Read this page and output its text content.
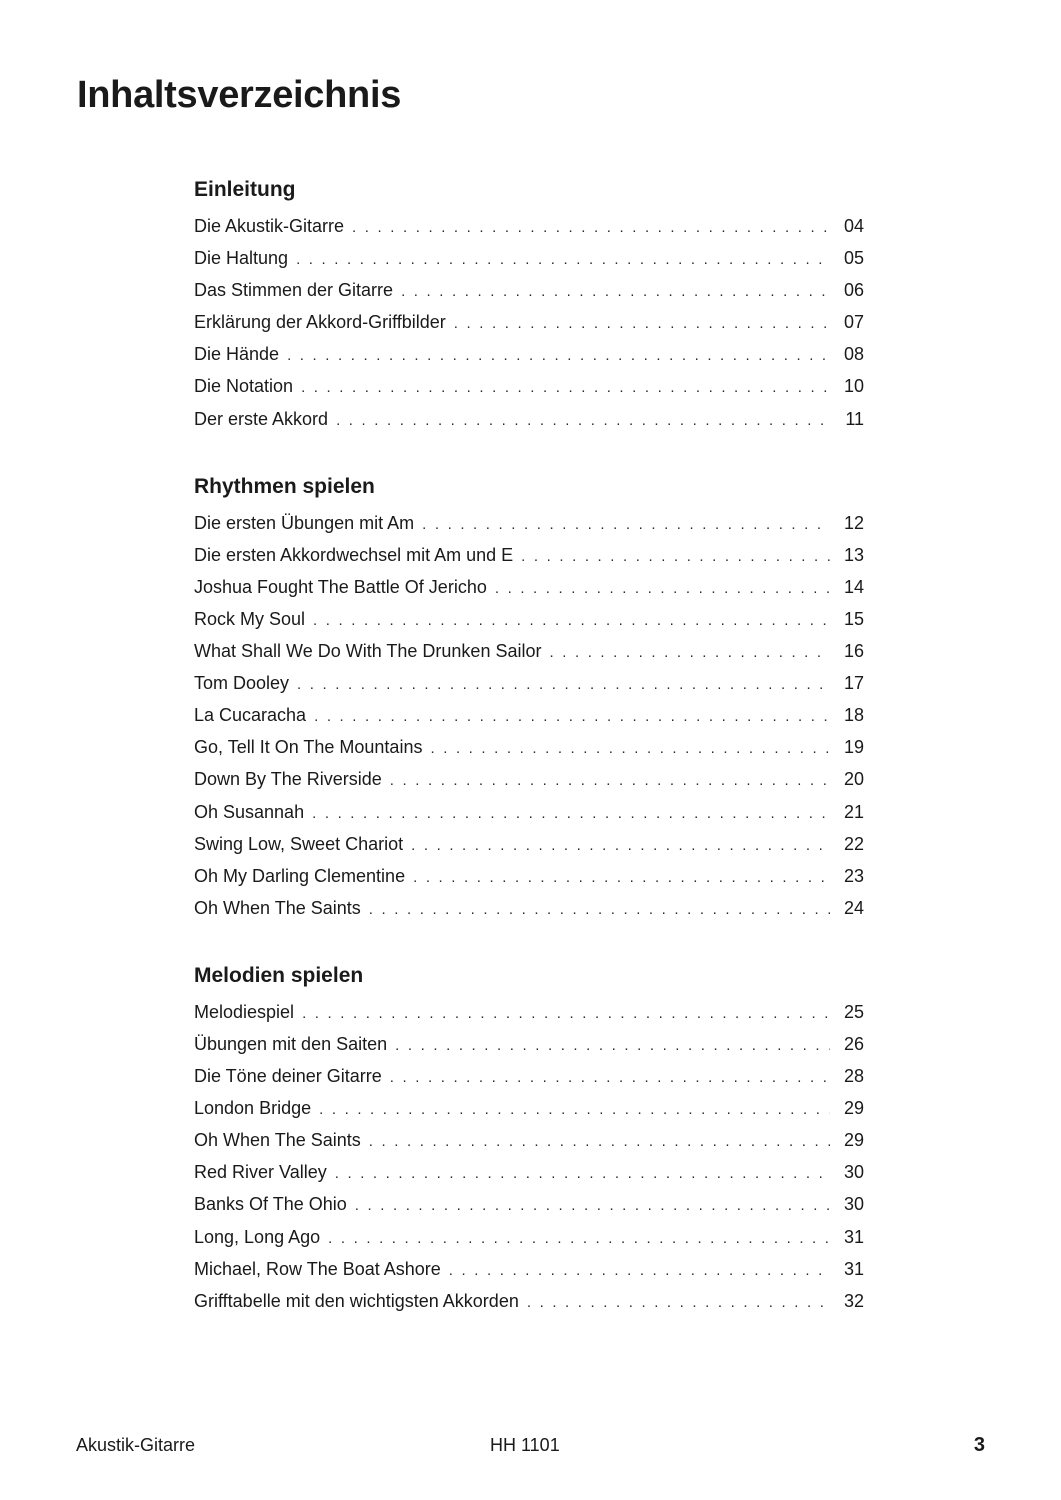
Inhaltsverzeichnis
Einleitung
Die Akustik-Gitarre . . .	04
Die Haltung . . .	05
Das Stimmen der Gitarre . . .	06
Erklärung der Akkord-Griffbilder . . .	07
Die Hände . . .	08
Die Notation . . .	10
Der erste Akkord . . .	11
Rhythmen spielen
Die ersten Übungen mit Am . . .	12
Die ersten Akkordwechsel mit Am und E . . .	13
Joshua Fought The Battle Of Jericho . . .	14
Rock My Soul . . .	15
What Shall We Do With The Drunken Sailor . . .	16
Tom Dooley . . .	17
La Cucaracha . . .	18
Go, Tell It On The Mountains . . .	19
Down By The Riverside . . .	20
Oh Susannah . . .	21
Swing Low, Sweet Chariot . . .	22
Oh My Darling Clementine . . .	23
Oh When The Saints . . .	24
Melodien spielen
Melodiespiel . . .	25
Übungen mit den Saiten . . .	26
Die Töne deiner Gitarre . . .	28
London Bridge . . .	29
Oh When The Saints . . .	29
Red River Valley . . .	30
Banks Of The Ohio . . .	30
Long, Long Ago . . .	31
Michael, Row The Boat Ashore . . .	31
Grifftabelle mit den wichtigsten Akkorden . . .	32
Akustik-Gitarre	HH 1101	3
